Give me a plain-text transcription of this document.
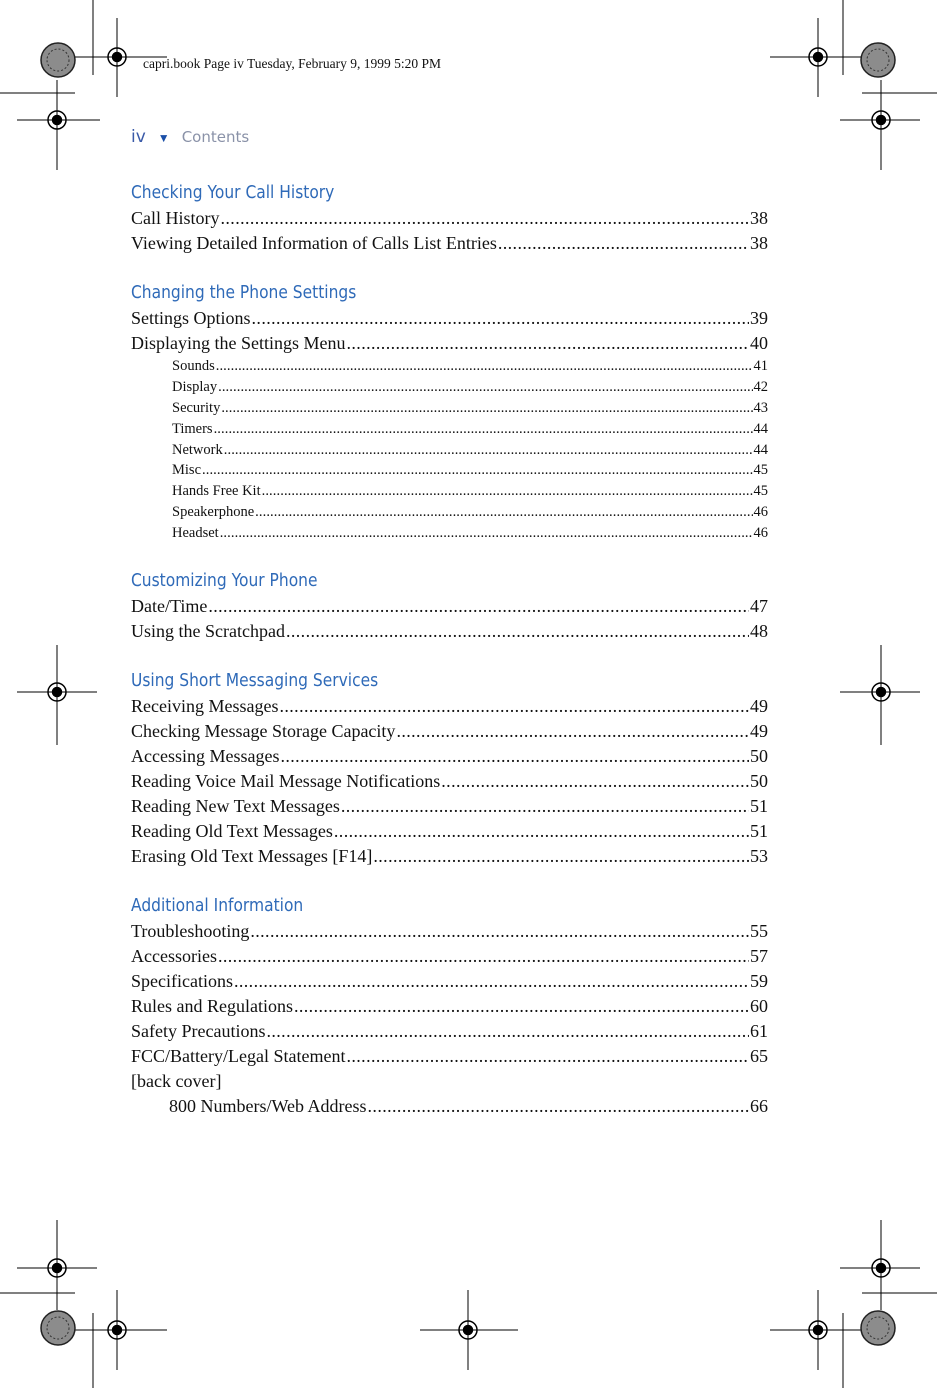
capri.book Page iv Tuesday, February 9, 1999 5:20 PM
iv ▼ Contents
Checking Your Call History
Call History .....	38
Viewing Detailed Information of Calls List Entries .....	38
Changing the Phone Settings
Settings Options .....	39
Displaying the Settings Menu .....	40
Sounds .....	41
Display .....	42
Security .....	43
Timers .....	44
Network .....	44
Misc .....	45
Hands Free Kit .....	45
Speakerphone .....	46
Headset .....	46
Customizing Your Phone
Date/Time .....	47
Using the Scratchpad .....	48
Using Short Messaging Services
Receiving Messages .....	49
Checking Message Storage Capacity .....	49
Accessing Messages .....	50
Reading Voice Mail Message Notifications .....	50
Reading New Text Messages .....	51
Reading Old Text Messages .....	51
Erasing Old Text Messages [F14] .....	53
Additional Information
Troubleshooting .....	55
Accessories .....	57
Specifications .....	59
Rules and Regulations .....	60
Safety Precautions .....	61
FCC/Battery/Legal Statement .....	65
[back cover]
800 Numbers/Web Address .....	66
